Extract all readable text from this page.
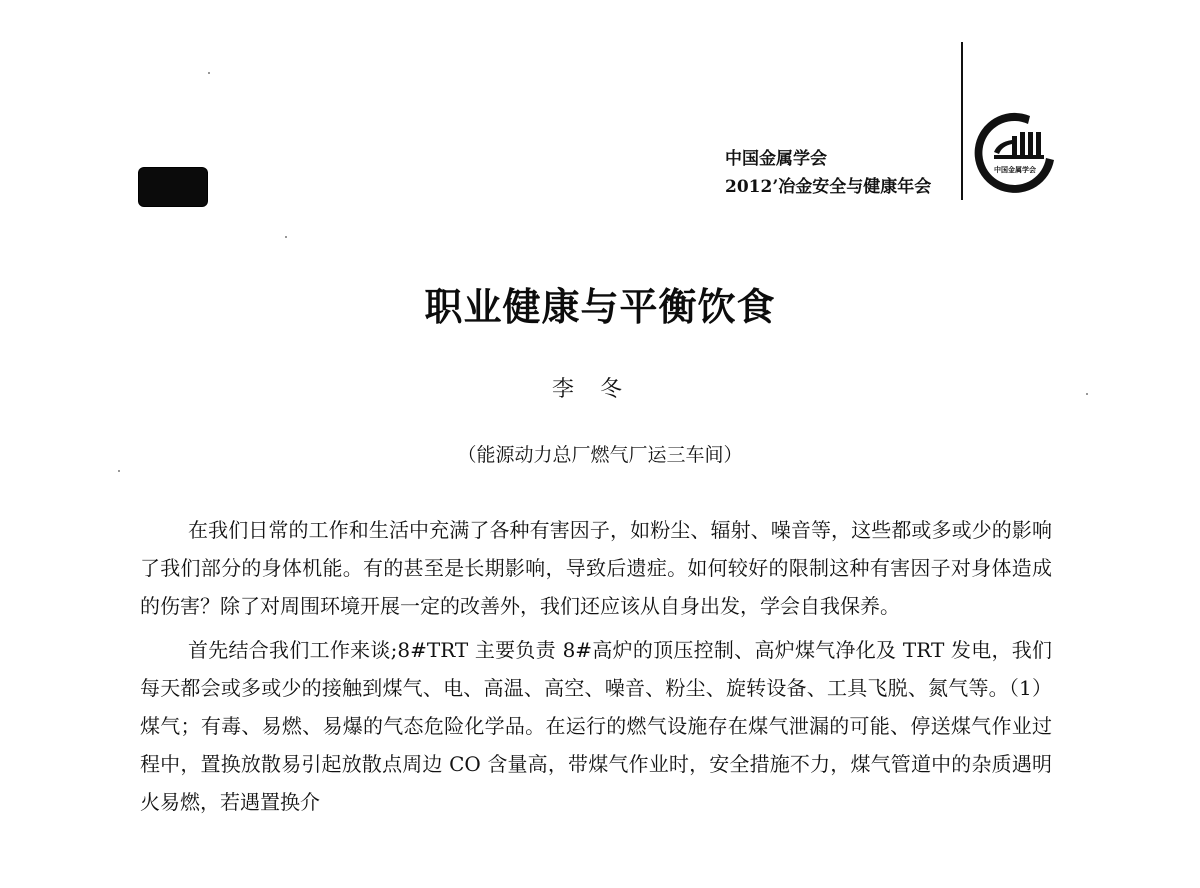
中国金属学会
2012’冶金安全与健康年会
中国金属学会
职业健康与平衡饮食
李冬
（能源动力总厂燃气厂运三车间）

在我们日常的工作和生活中充满了各种有害因子，如粉尘、辐射、噪音等，这些都或多或少的影响了我们部分的身体机能。有的甚至是长期影响，导致后遗症。如何较好的限制这种有害因子对身体造成的伤害？除了对周围环境开展一定的改善外，我们还应该从自身出发，学会自我保养。

首先结合我们工作来谈;8#TRT 主要负责 8#高炉的顶压控制、高炉煤气净化及 TRT 发电，我们每天都会或多或少的接触到煤气、电、高温、高空、噪音、粉尘、旋转设备、工具飞脱、氮气等。（1）煤气；有毒、易燃、易爆的气态危险化学品。在运行的燃气设施存在煤气泄漏的可能、停送煤气作业过程中，置换放散易引起放散点周边 CO 含量高，带煤气作业时，安全措施不力，煤气管道中的杂质遇明火易燃，若遇置换介
